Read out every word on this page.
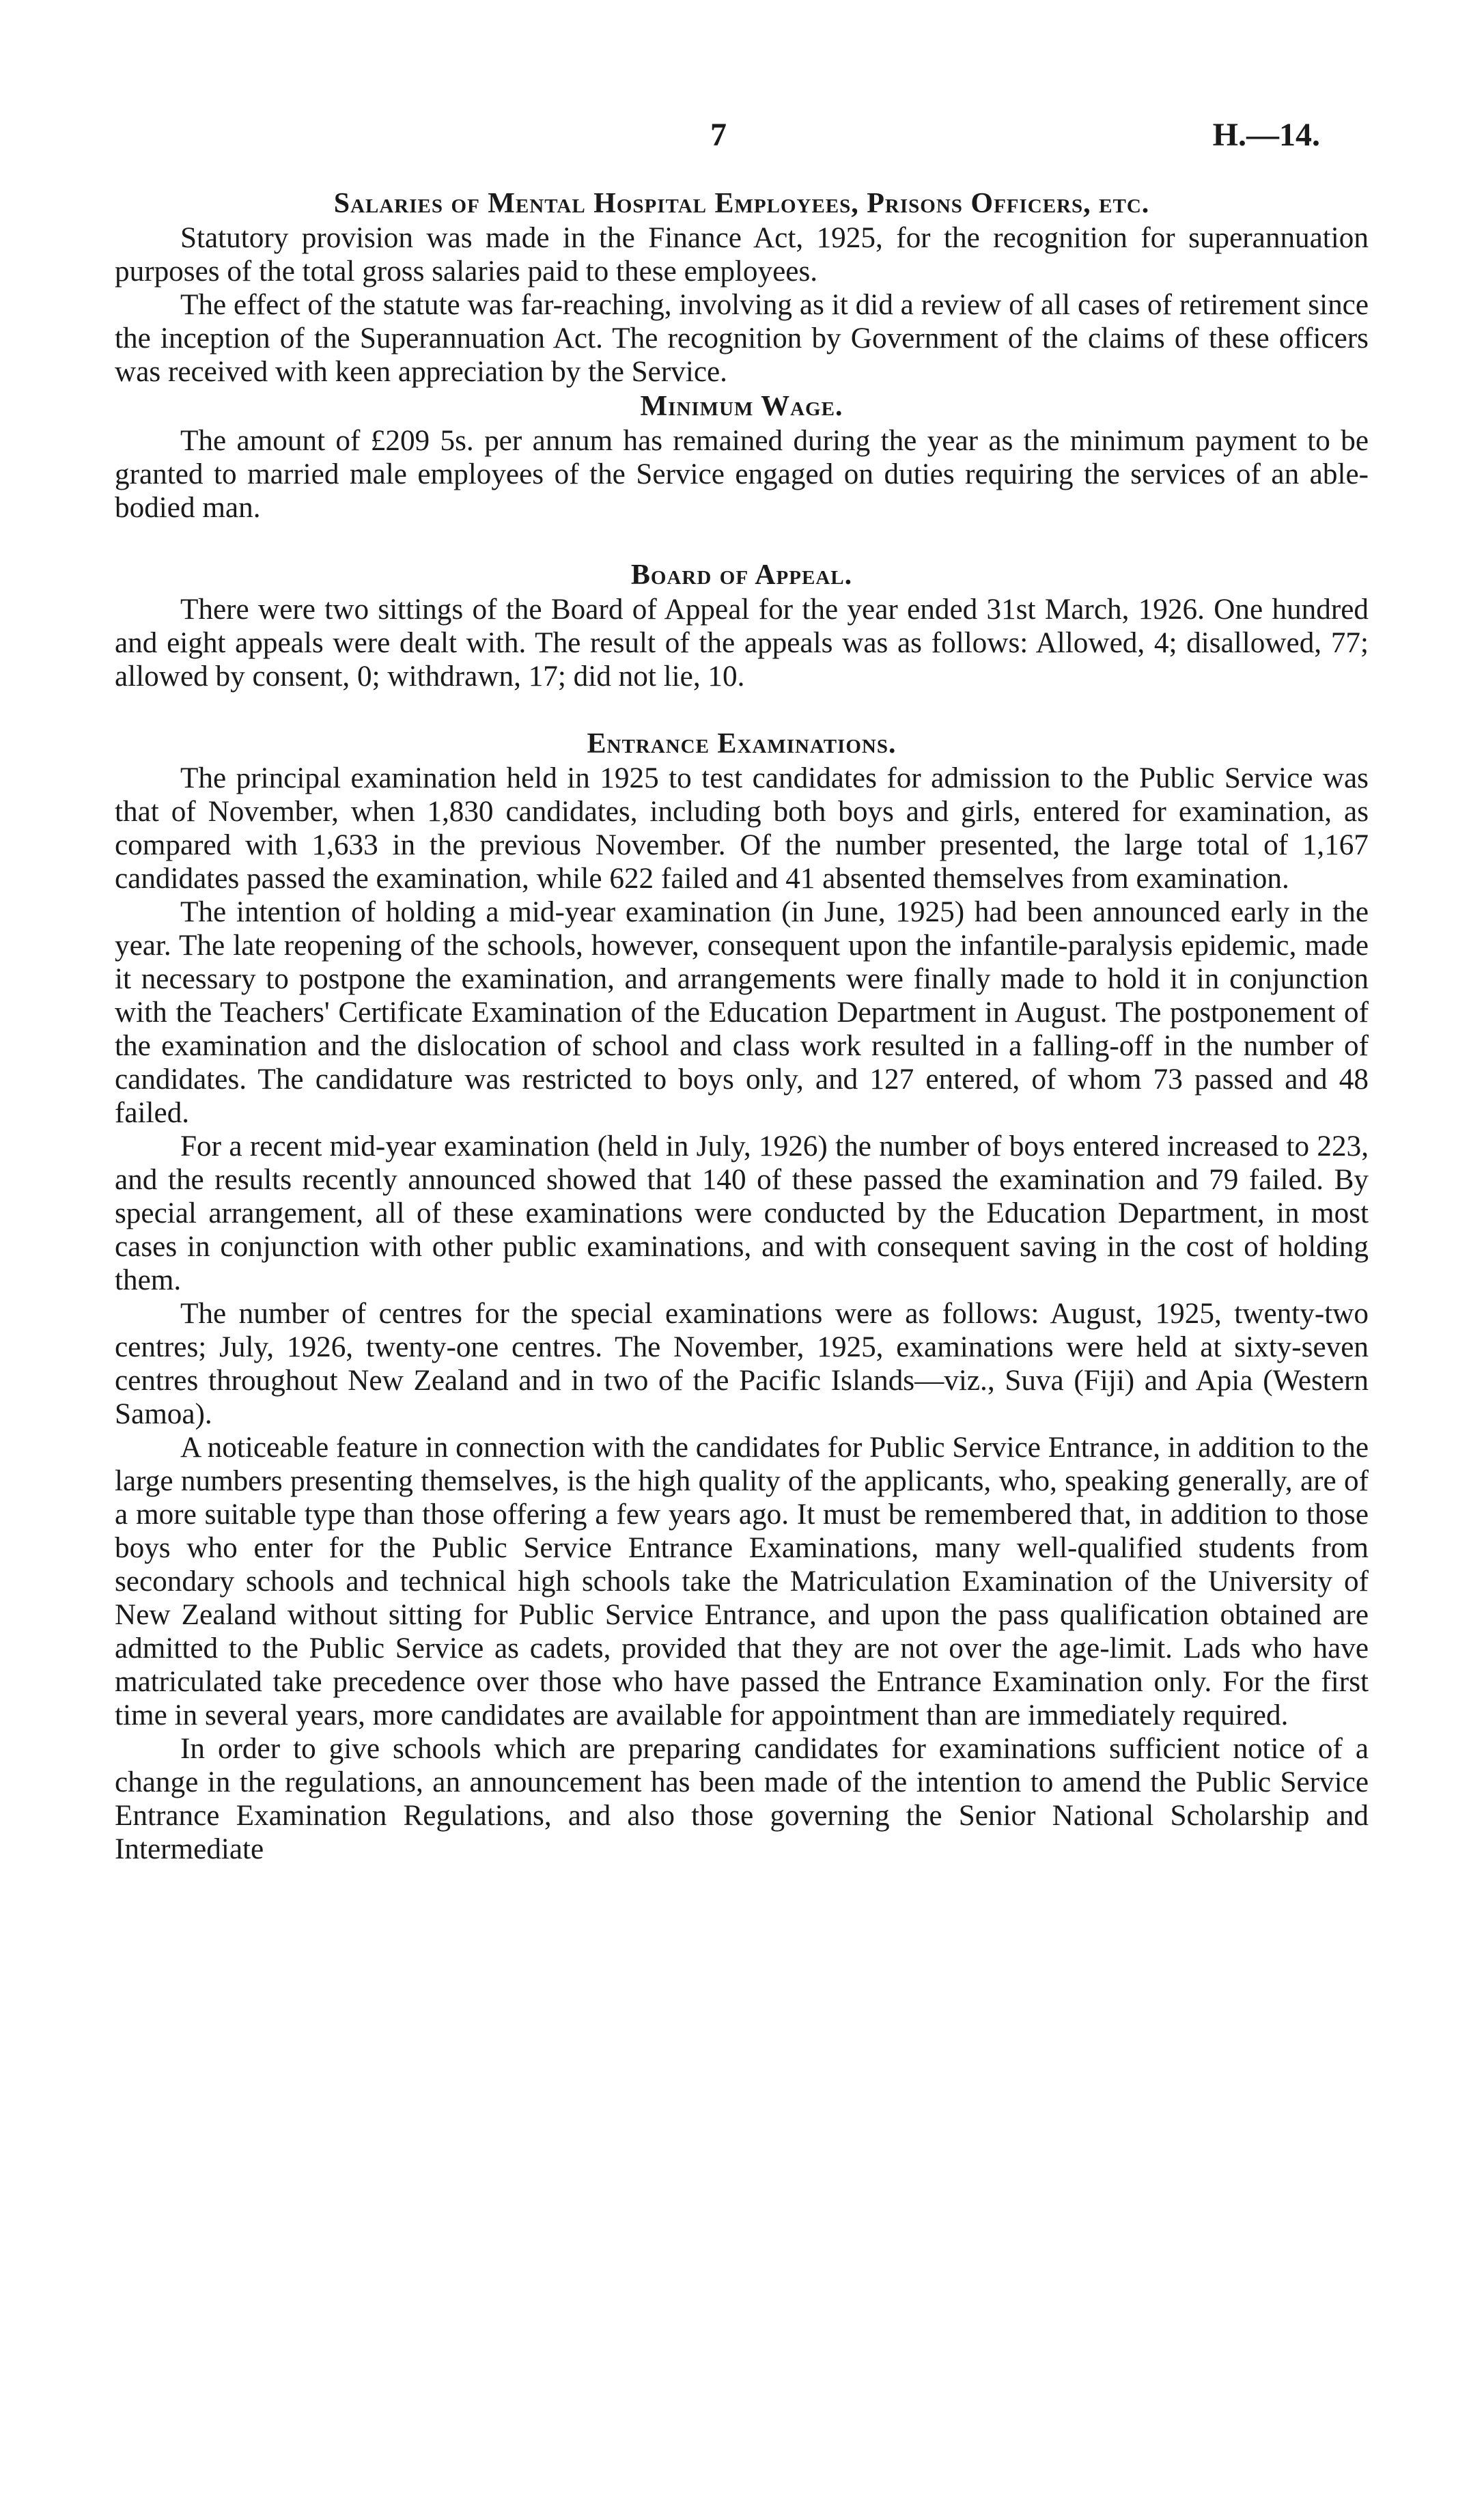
7	H.—14.
Salaries of Mental Hospital Employees, Prisons Officers, etc.

Statutory provision was made in the Finance Act, 1925, for the recognition for superannuation purposes of the total gross salaries paid to these employees.

The effect of the statute was far-reaching, involving as it did a review of all cases of retirement since the inception of the Superannuation Act. The recognition by Government of the claims of these officers was received with keen appreciation by the Service.

Minimum Wage.

The amount of £209 5s. per annum has remained during the year as the minimum payment to be granted to married male employees of the Service engaged on duties requiring the services of an able-bodied man.

Board of Appeal.

There were two sittings of the Board of Appeal for the year ended 31st March, 1926. One hundred and eight appeals were dealt with. The result of the appeals was as follows: Allowed, 4; disallowed, 77; allowed by consent, 0; withdrawn, 17; did not lie, 10.

Entrance Examinations.

The principal examination held in 1925 to test candidates for admission to the Public Service was that of November, when 1,830 candidates, including both boys and girls, entered for examination, as compared with 1,633 in the previous November. Of the number presented, the large total of 1,167 candidates passed the examination, while 622 failed and 41 absented themselves from examination.

The intention of holding a mid-year examination (in June, 1925) had been announced early in the year. The late reopening of the schools, however, consequent upon the infantile-paralysis epidemic, made it necessary to postpone the examination, and arrangements were finally made to hold it in conjunction with the Teachers' Certificate Examination of the Education Department in August. The postponement of the examination and the dislocation of school and class work resulted in a falling-off in the number of candidates. The candidature was restricted to boys only, and 127 entered, of whom 73 passed and 48 failed.

For a recent mid-year examination (held in July, 1926) the number of boys entered increased to 223, and the results recently announced showed that 140 of these passed the examination and 79 failed. By special arrangement, all of these examinations were conducted by the Education Department, in most cases in conjunction with other public examinations, and with consequent saving in the cost of holding them.

The number of centres for the special examinations were as follows: August, 1925, twenty-two centres; July, 1926, twenty-one centres. The November, 1925, examinations were held at sixty-seven centres throughout New Zealand and in two of the Pacific Islands—viz., Suva (Fiji) and Apia (Western Samoa).

A noticeable feature in connection with the candidates for Public Service Entrance, in addition to the large numbers presenting themselves, is the high quality of the applicants, who, speaking generally, are of a more suitable type than those offering a few years ago. It must be remembered that, in addition to those boys who enter for the Public Service Entrance Examinations, many well-qualified students from secondary schools and technical high schools take the Matriculation Examination of the University of New Zealand without sitting for Public Service Entrance, and upon the pass qualification obtained are admitted to the Public Service as cadets, provided that they are not over the age-limit. Lads who have matriculated take precedence over those who have passed the Entrance Examination only. For the first time in several years, more candidates are available for appointment than are immediately required.

In order to give schools which are preparing candidates for examinations sufficient notice of a change in the regulations, an announcement has been made of the intention to amend the Public Service Entrance Examination Regulations, and also those governing the Senior National Scholarship and Intermediate
